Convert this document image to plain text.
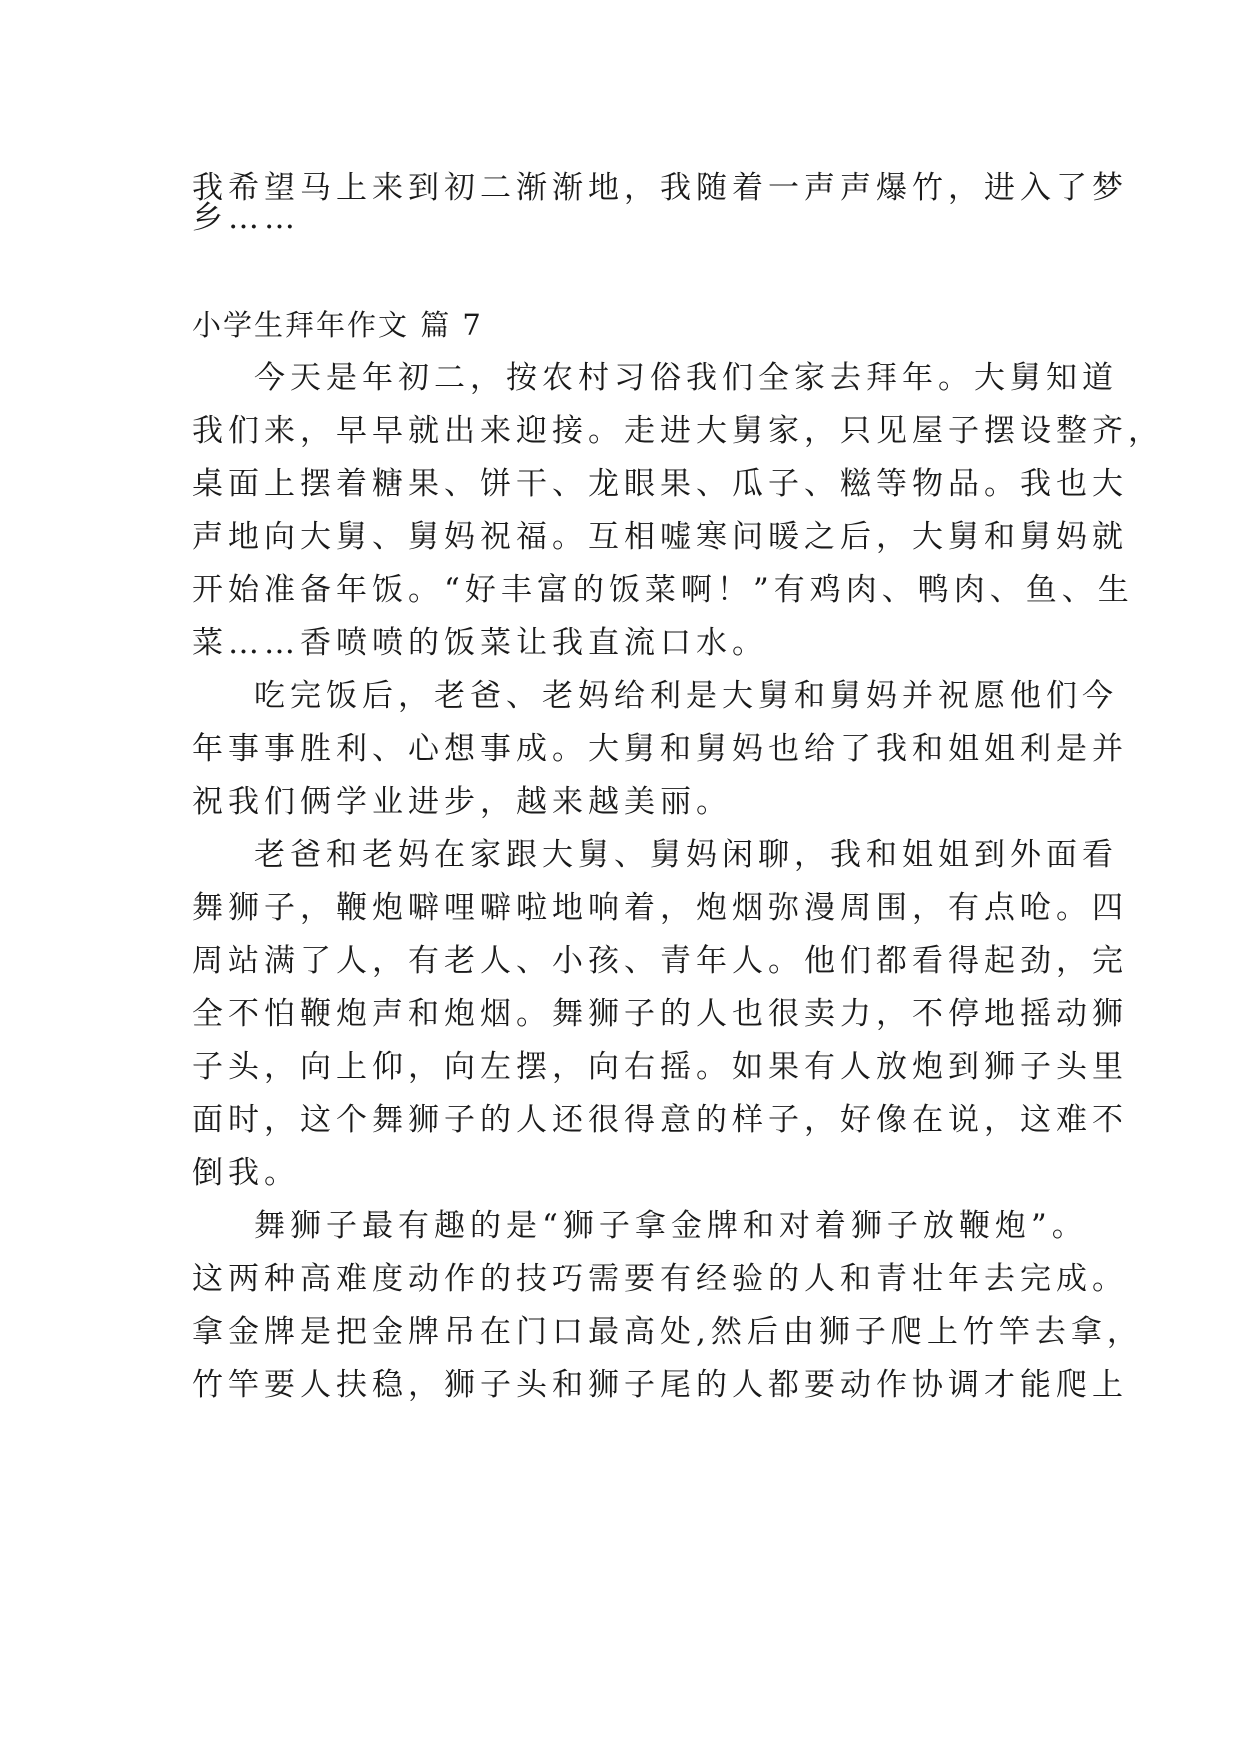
我希望马上来到初二渐渐地，我随着一声声爆竹，进入了梦
乡……
小学生拜年作文 篇 7
今天是年初二，按农村习俗我们全家去拜年。大舅知道
我们来，早早就出来迎接。走进大舅家，只见屋子摆设整齐，
桌面上摆着糖果、饼干、龙眼果、瓜子、糍等物品。我也大
声地向大舅、舅妈祝福。互相嘘寒问暖之后，大舅和舅妈就
开始准备年饭。“好丰富的饭菜啊！”有鸡肉、鸭肉、鱼、生
菜……香喷喷的饭菜让我直流口水。
吃完饭后，老爸、老妈给利是大舅和舅妈并祝愿他们今
年事事胜利、心想事成。大舅和舅妈也给了我和姐姐利是并
祝我们俩学业进步，越来越美丽。
老爸和老妈在家跟大舅、舅妈闲聊，我和姐姐到外面看
舞狮子，鞭炮噼哩噼啦地响着，炮烟弥漫周围，有点呛。四
周站满了人，有老人、小孩、青年人。他们都看得起劲，完
全不怕鞭炮声和炮烟。舞狮子的人也很卖力，不停地摇动狮
子头，向上仰，向左摆，向右摇。如果有人放炮到狮子头里
面时，这个舞狮子的人还很得意的样子，好像在说，这难不
倒我。
舞狮子最有趣的是“狮子拿金牌和对着狮子放鞭炮”。
这两种高难度动作的技巧需要有经验的人和青壮年去完成。
拿金牌是把金牌吊在门口最高处,然后由狮子爬上竹竿去拿，
竹竿要人扶稳，狮子头和狮子尾的人都要动作协调才能爬上
